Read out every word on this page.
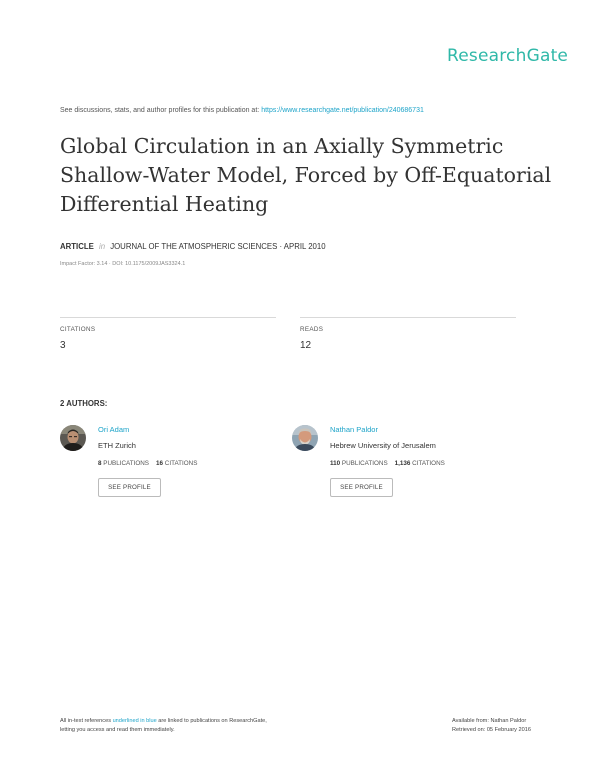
ResearchGate
See discussions, stats, and author profiles for this publication at: https://www.researchgate.net/publication/240686731
Global Circulation in an Axially Symmetric
Shallow-Water Model, Forced by Off-Equatorial
Differential Heating
ARTICLE in JOURNAL OF THE ATMOSPHERIC SCIENCES · APRIL 2010
Impact Factor: 3.14 · DOI: 10.1175/2009JAS3324.1
CITATIONS
3
READS
12
2 AUTHORS:
Ori Adam
ETH Zurich
8 PUBLICATIONS 16 CITATIONS
SEE PROFILE
Nathan Paldor
Hebrew University of Jerusalem
110 PUBLICATIONS 1,136 CITATIONS
SEE PROFILE
All in-text references underlined in blue are linked to publications on ResearchGate,
letting you access and read them immediately.
Available from: Nathan Paldor
Retrieved on: 05 February 2016
